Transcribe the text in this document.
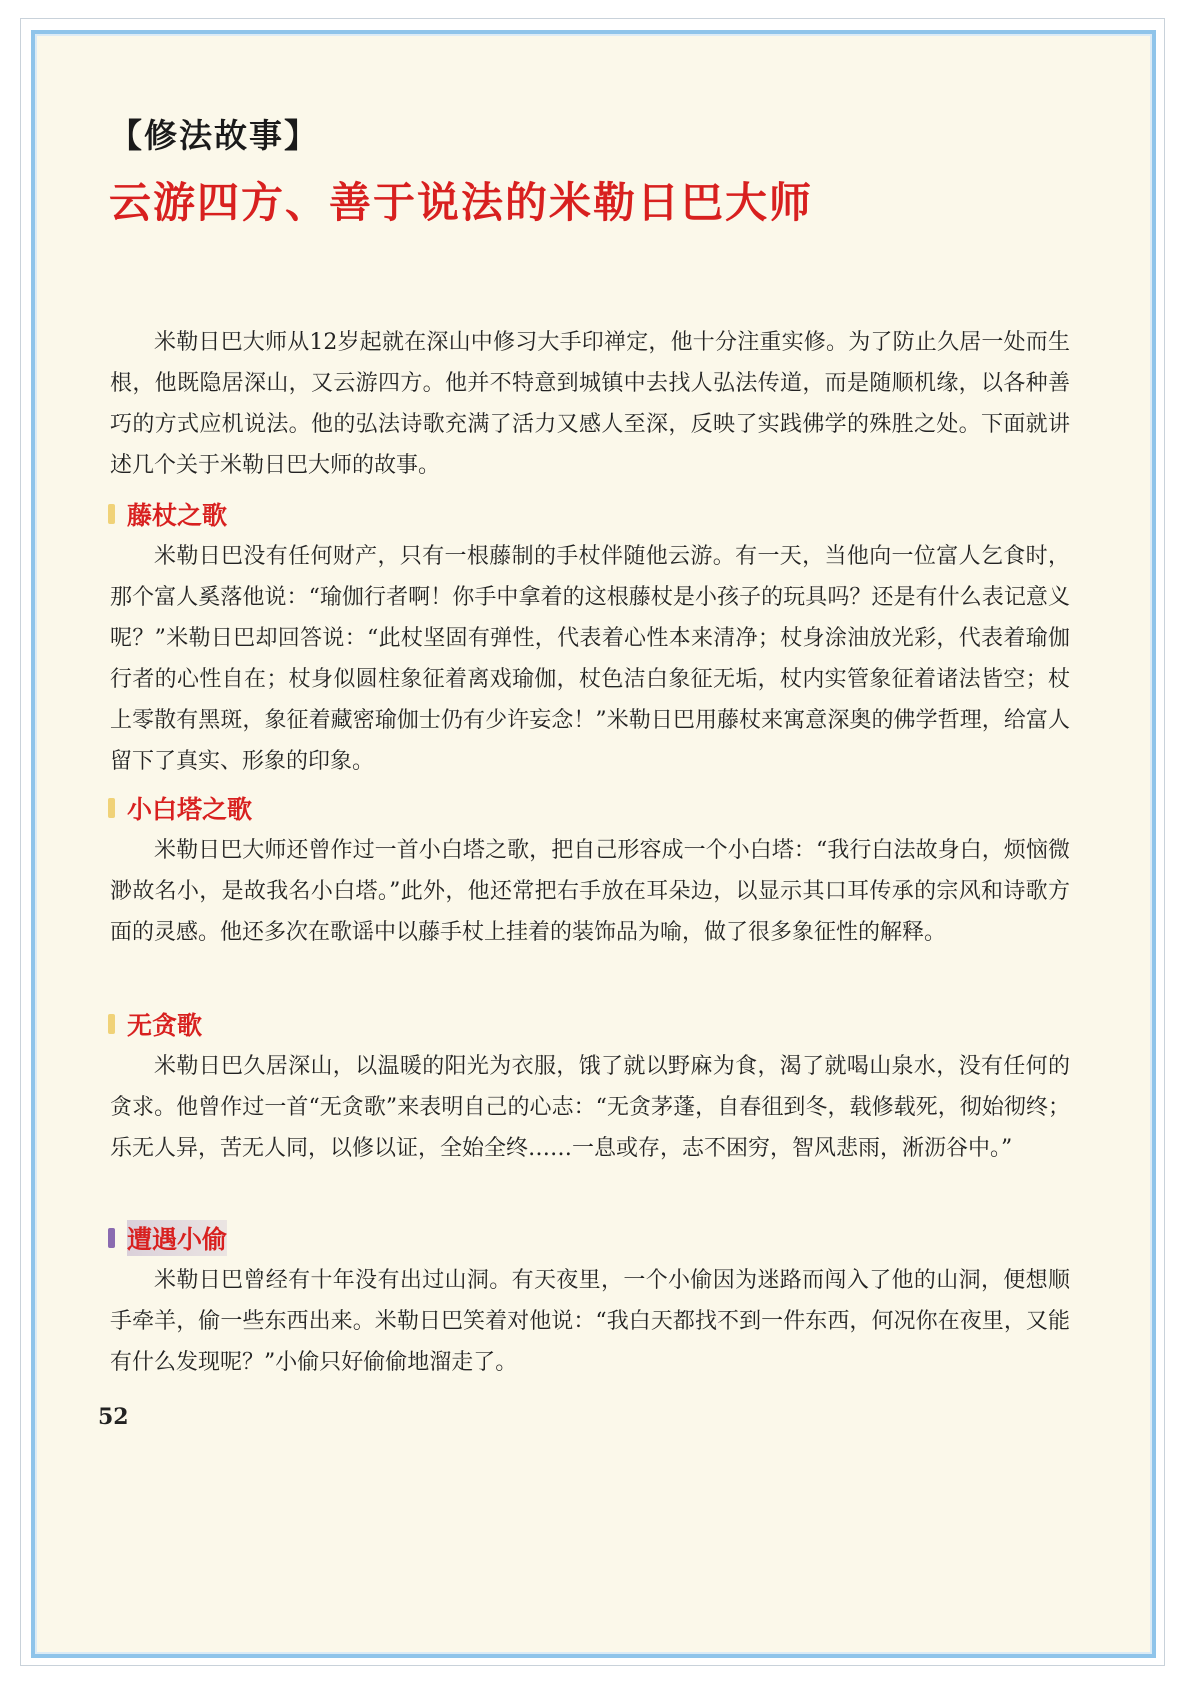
【修法故事】
云游四方、善于说法的米勒日巴大师

米勒日巴大师从12岁起就在深山中修习大手印禅定，他十分注重实修。为了防止久居一处而生根，他既隐居深山，又云游四方。他并不特意到城镇中去找人弘法传道，而是随顺机缘，以各种善巧的方式应机说法。他的弘法诗歌充满了活力又感人至深，反映了实践佛学的殊胜之处。下面就讲述几个关于米勒日巴大师的故事。

藤杖之歌

米勒日巴没有任何财产，只有一根藤制的手杖伴随他云游。有一天，当他向一位富人乞食时，那个富人奚落他说：“瑜伽行者啊！你手中拿着的这根藤杖是小孩子的玩具吗？还是有什么表记意义呢？”米勒日巴却回答说：“此杖坚固有弹性，代表着心性本来清净；杖身涂油放光彩，代表着瑜伽行者的心性自在；杖身似圆柱象征着离戏瑜伽，杖色洁白象征无垢，杖内实管象征着诸法皆空；杖上零散有黑斑，象征着藏密瑜伽士仍有少许妄念！”米勒日巴用藤杖来寓意深奥的佛学哲理，给富人留下了真实、形象的印象。

小白塔之歌

米勒日巴大师还曾作过一首小白塔之歌，把自己形容成一个小白塔：“我行白法故身白，烦恼微渺故名小，是故我名小白塔。”此外，他还常把右手放在耳朵边，以显示其口耳传承的宗风和诗歌方面的灵感。他还多次在歌谣中以藤手杖上挂着的装饰品为喻，做了很多象征性的解释。

无贪歌

米勒日巴久居深山，以温暖的阳光为衣服，饿了就以野麻为食，渴了就喝山泉水，没有任何的贪求。他曾作过一首“无贪歌”来表明自己的心志：“无贪茅蓬，自春徂到冬，载修载死，彻始彻终；乐无人异，苦无人同，以修以证，全始全终……一息或存，志不困穷，智风悲雨，淅沥谷中。”

遭遇小偷

米勒日巴曾经有十年没有出过山洞。有天夜里，一个小偷因为迷路而闯入了他的山洞，便想顺手牵羊，偷一些东西出来。米勒日巴笑着对他说：“我白天都找不到一件东西，何况你在夜里，又能有什么发现呢？”小偷只好偷偷地溜走了。

52
